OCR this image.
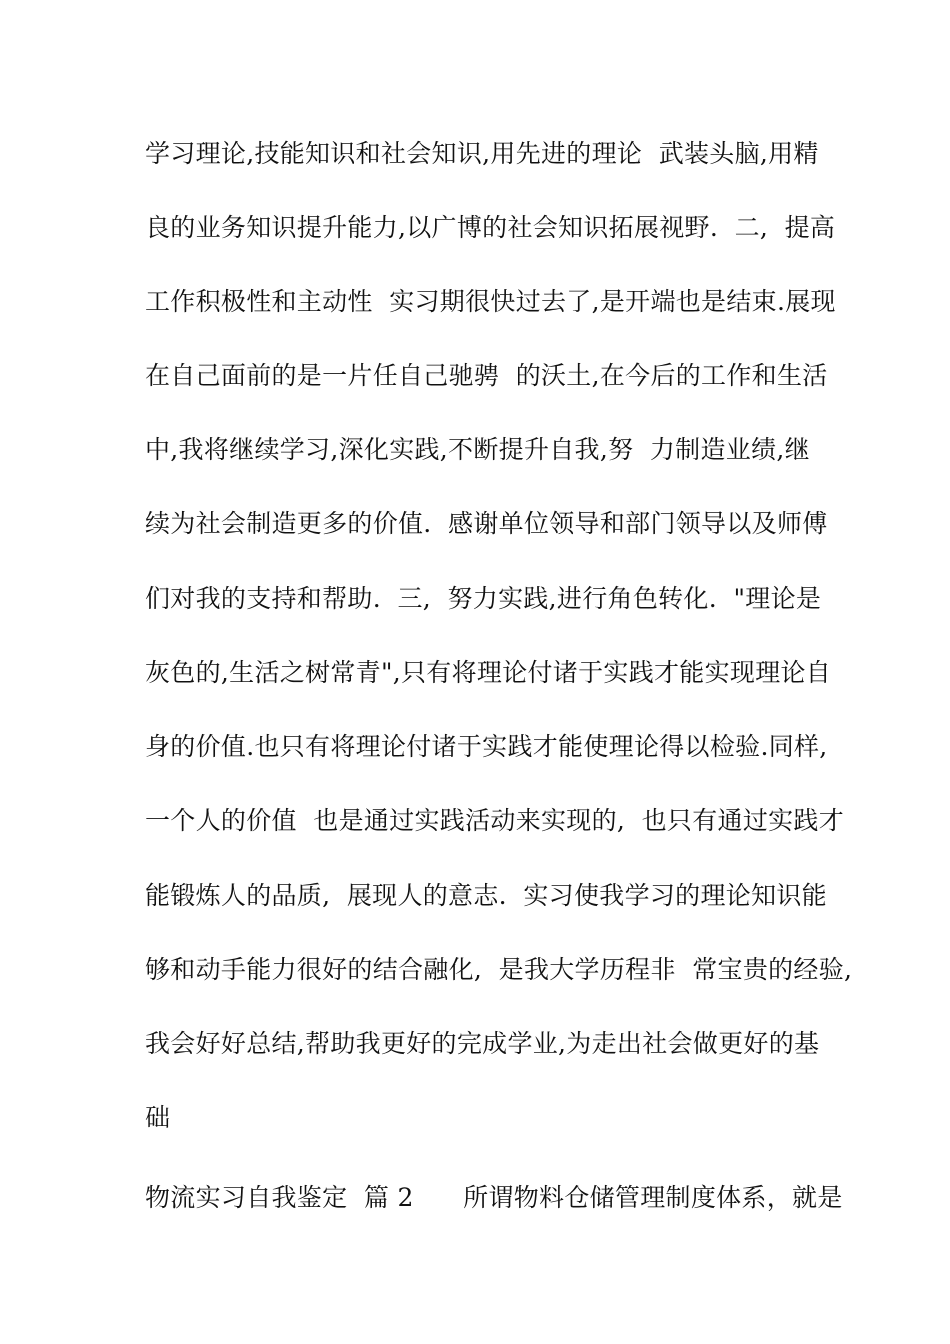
学习理论,技能知识和社会知识,用先进的理论  武装头脑,用精
良的业务知识提升能力,以广博的社会知识拓展视野.  二,  提高
工作积极性和主动性  实习期很快过去了,是开端也是结束.展现
在自己面前的是一片任自己驰骋  的沃土,在今后的工作和生活
中,我将继续学习,深化实践,不断提升自我,努  力制造业绩,继
续为社会制造更多的价值.  感谢单位领导和部门领导以及师傅
们对我的支持和帮助.  三,  努力实践,进行角色转化.  "理论是
灰色的,生活之树常青",只有将理论付诸于实践才能实现理论自
身的价值.也只有将理论付诸于实践才能使理论得以检验.同样,
一个人的价值  也是通过实践活动来实现的,  也只有通过实践才
能锻炼人的品质,  展现人的意志.  实习使我学习的理论知识能
够和动手能力很好的结合融化,  是我大学历程非  常宝贵的经验,
我会好好总结,帮助我更好的完成学业,为走出社会做更好的基
础
物流实习自我鉴定  篇 2      所谓物料仓储管理制度体系，就是
